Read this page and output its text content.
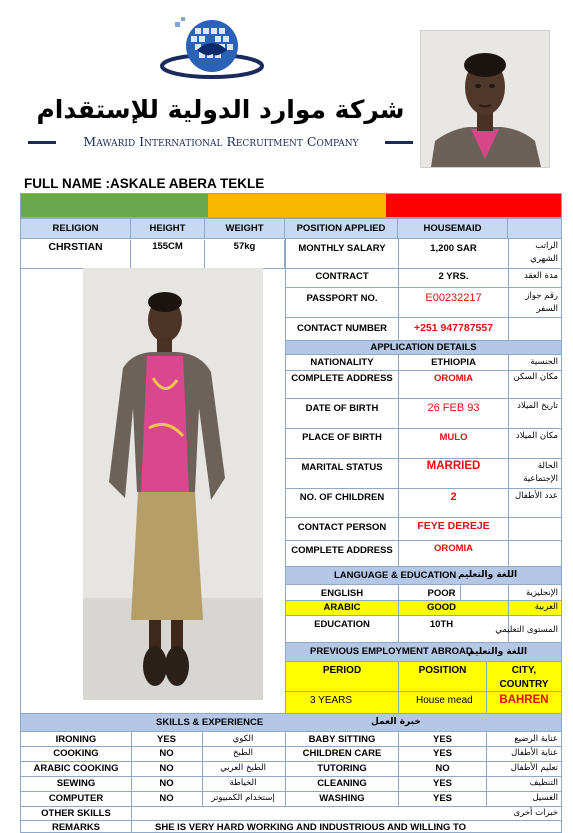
شركة موارد الدولية للإستقدام
Mawarid International Recruitment Company
FULL NAME :ASKALE ABERA TEKLE
RELIGION	HEIGHT	WEIGHT	POSITION APPLIED	HOUSEMAID
CHRSTIAN	155CM	57kg	MONTHLY SALARY	1,200 SAR	الراتب الشهري
CONTRACT	2 YRS.	مدة العقد
PASSPORT NO.	E00232217	رقم جواز السفر
CONTACT NUMBER	+251 947787557
APPLICATION DETAILS
NATIONALITY	ETHIOPIA	الجنسية
COMPLETE ADDRESS	OROMIA	مكان السكن
DATE OF BIRTH	26 FEB 93	تاريخ الميلاد
PLACE OF BIRTH	MULO	مكان الميلاد
MARITAL STATUS	MARRIED	الحالة الإجتماعية
NO. OF CHILDREN	2	عدد الأطفال
CONTACT PERSON	FEYE DEREJE
COMPLETE ADDRESS	OROMIA
LANGUAGE & EDUCATION اللغة والتعليم
ENGLISH	POOR	الإنجليزية
ARABIC	GOOD	العربية
EDUCATION	10TH	المستوى التعليمي
PREVIOUS EMPLOYMENT ABROAD
اللغة والتعليم
PERIOD	POSITION	CITY, COUNTRY
3 YEARS	House mead	BAHREN
SKILLS & EXPERIENCE	خبرة العمل
IRONING	YES	الكوي	BABY SITTING	YES	عناية الرضيع
COOKING	NO	الطبخ	CHILDREN CARE	YES	عناية الأطفال
ARABIC COOKING	NO	الطبخ العربي	TUTORING	NO	تعليم الأطفال
SEWING	NO	الخياطة	CLEANING	YES	التنظيف
COMPUTER	NO	إستخدام الكمبيوتر	WASHING	YES	الغسيل
OTHER SKILLS	خبرات أخرى
REMARKS	SHE IS VERY HARD WORKING AND INDUSTRIOUS AND WILLING TO
